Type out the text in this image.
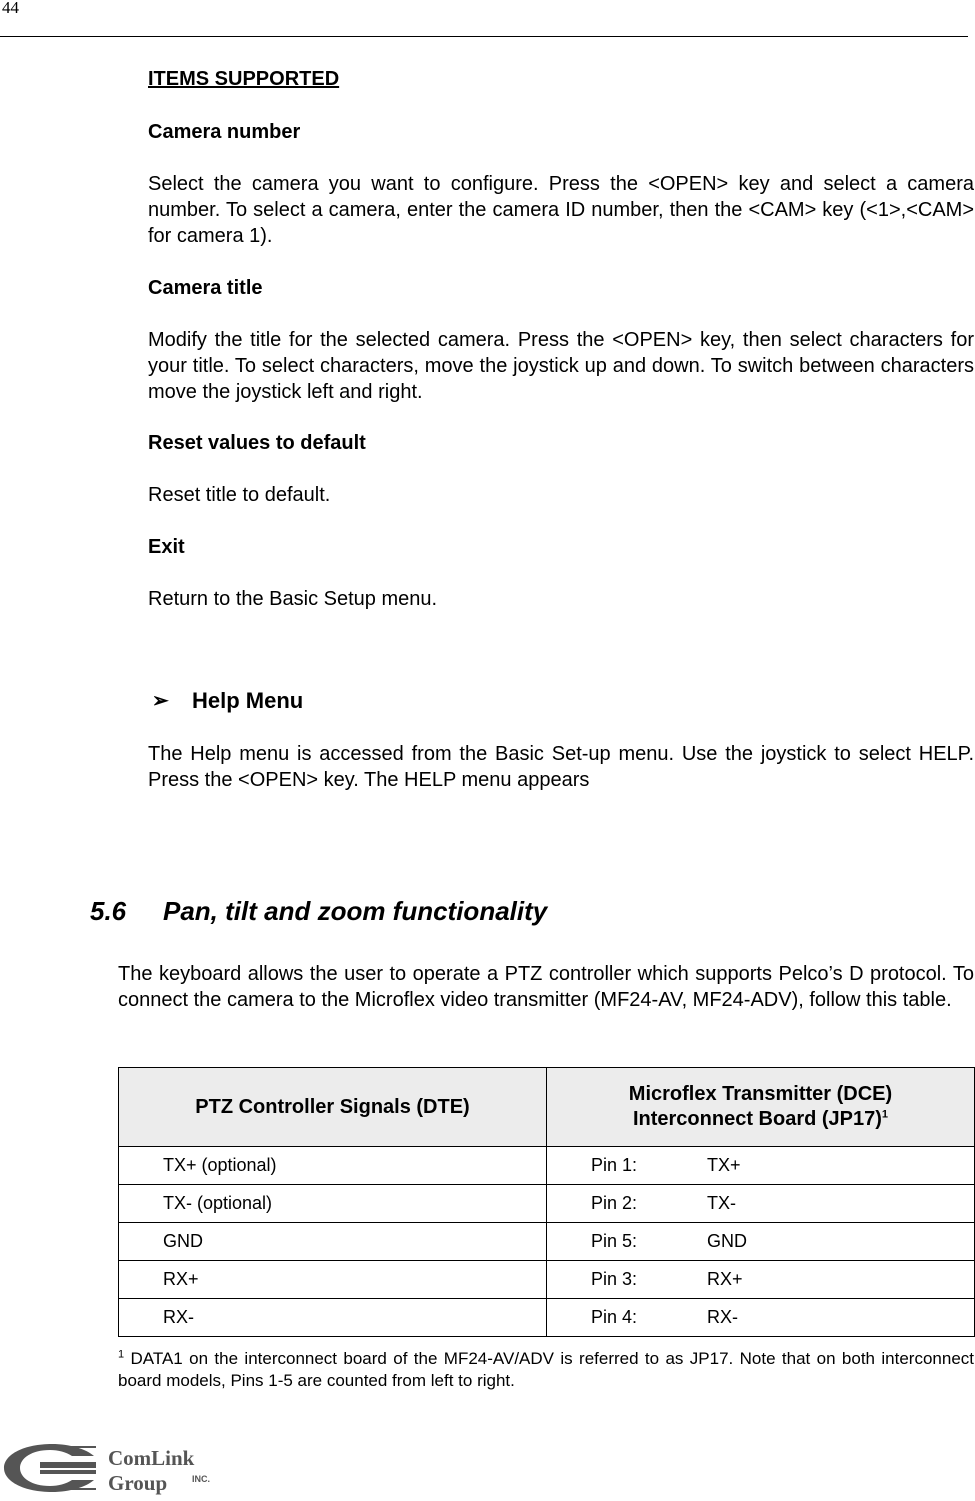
44
ITEMS SUPPORTED
Camera number
Select the camera you want to configure. Press the <OPEN> key and select a camera number. To select a camera, enter the camera ID number, then the <CAM> key (<1>,<CAM> for camera 1).
Camera title
Modify the title for the selected camera. Press the <OPEN> key, then select characters for your title. To select characters, move the joystick up and down. To switch between characters move the joystick left and right.
Reset values to default
Reset title to default.
Exit
Return to the Basic Setup menu.
➢ Help Menu
The Help menu is accessed from the Basic Set-up menu. Use the joystick to select HELP. Press the <OPEN> key. The HELP menu appears
5.6 Pan, tilt and zoom functionality
The keyboard allows the user to operate a PTZ controller which supports Pelco’s D protocol. To connect the camera to the Microflex video transmitter (MF24-AV, MF24-ADV), follow this table.
PTZ Controller Signals (DTE)	Microflex Transmitter (DCE)
Interconnect Board $(JP17)^1$
TX+ (optional)	Pin 1: TX+
TX- (optional)	Pin 2: TX-
GND	Pin 5: GND
RX+	Pin 3: RX+
RX-	Pin 4: RX-
$^1$ DATA1 on the interconnect board of the MF24-AV/ADV is referred to as JP17. Note that on both interconnect board models, Pins 1-5 are counted from left to right.
ComLink
Group	INC.
